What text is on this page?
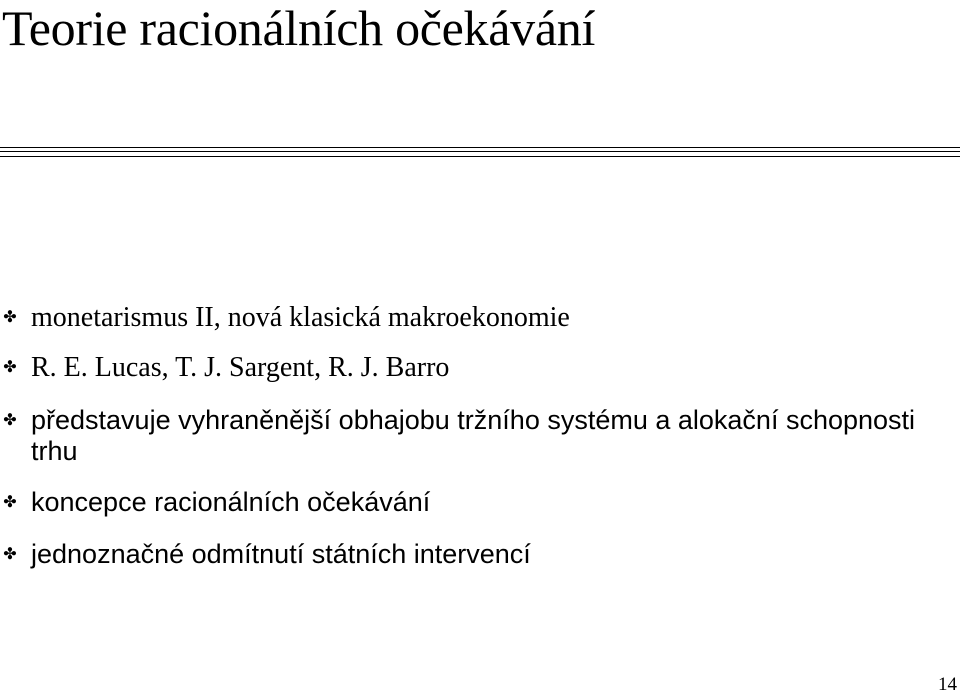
Teorie racionálních očekávání
✤ monetarismus II, nová klasická makroekonomie
✤ R. E. Lucas, T. J. Sargent, R. J. Barro
✤ představuje vyhraněnější obhajobu tržního systému a alokační schopnosti trhu
✤ koncepce racionálních očekávání
✤ jednoznačné odmítnutí státních intervencí
14
